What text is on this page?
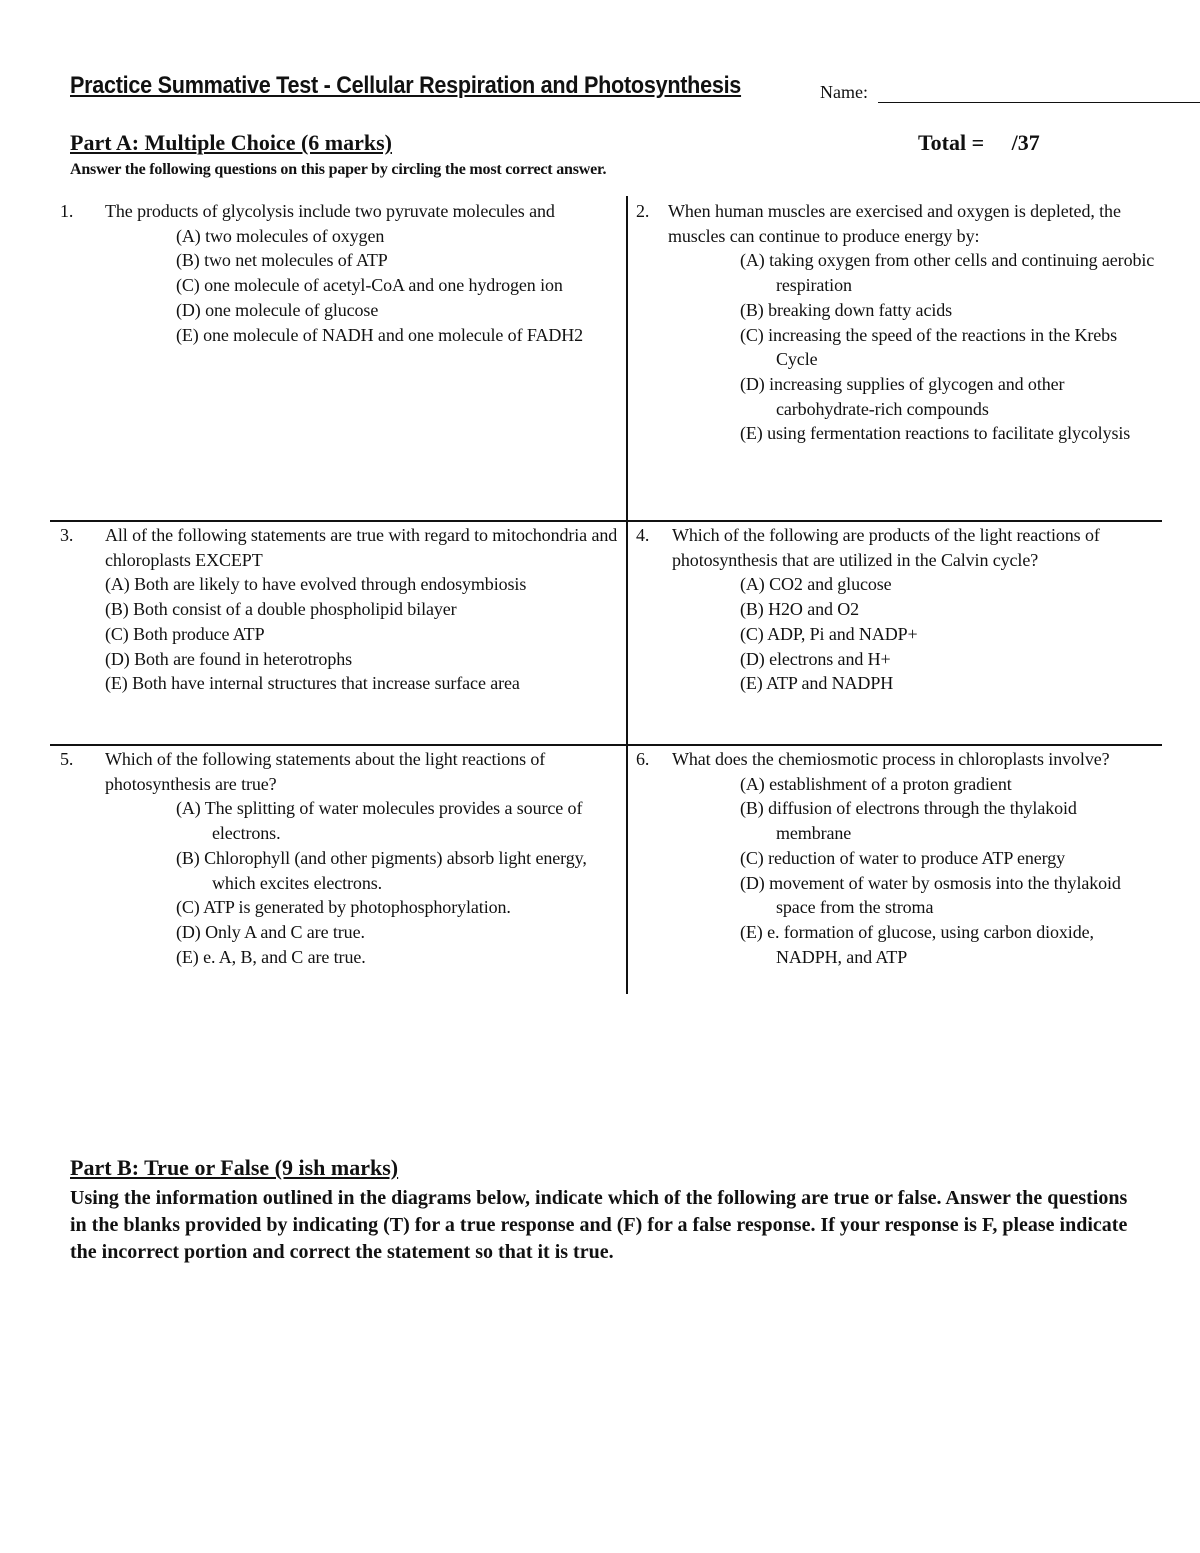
Practice Summative Test - Cellular Respiration and Photosynthesis	Name:
Part A: Multiple Choice (6 marks)	Total =     /37
Answer the following questions on this paper by circling the most correct answer.
1. The products of glycolysis include two pyruvate molecules and
(A) two molecules of oxygen
(B) two net molecules of ATP
(C) one molecule of acetyl-CoA and one hydrogen ion
(D) one molecule of glucose
(E) one molecule of NADH and one molecule of FADH2
2. When human muscles are exercised and oxygen is depleted, the muscles can continue to produce energy by:
(A) taking oxygen from other cells and continuing aerobic respiration
(B) breaking down fatty acids
(C) increasing the speed of the reactions in the Krebs Cycle
(D) increasing supplies of glycogen and other carbohydrate-rich compounds
(E) using fermentation reactions to facilitate glycolysis
3. All of the following statements are true with regard to mitochondria and chloroplasts EXCEPT
(A) Both are likely to have evolved through endosymbiosis
(B) Both consist of a double phospholipid bilayer
(C) Both produce ATP
(D) Both are found in heterotrophs
(E) Both have internal structures that increase surface area
4. Which of the following are products of the light reactions of photosynthesis that are utilized in the Calvin cycle?
(A) CO2 and glucose
(B) H2O and O2
(C) ADP, Pi and NADP+
(D) electrons and H+
(E) ATP and NADPH
5. Which of the following statements about the light reactions of photosynthesis are true?
(A) The splitting of water molecules provides a source of electrons.
(B) Chlorophyll (and other pigments) absorb light energy, which excites electrons.
(C) ATP is generated by photophosphorylation.
(D) Only A and C are true.
(E) e. A, B, and C are true.
6. What does the chemiosmotic process in chloroplasts involve?
(A) establishment of a proton gradient
(B) diffusion of electrons through the thylakoid membrane
(C) reduction of water to produce ATP energy
(D) movement of water by osmosis into the thylakoid space from the stroma
(E) e. formation of glucose, using carbon dioxide, NADPH, and ATP
Part B: True or False (9 ish marks)
Using the information outlined in the diagrams below, indicate which of the following are true or false. Answer the questions in the blanks provided by indicating (T) for a true response and (F) for a false response. If your response is F, please indicate the incorrect portion and correct the statement so that it is true.
